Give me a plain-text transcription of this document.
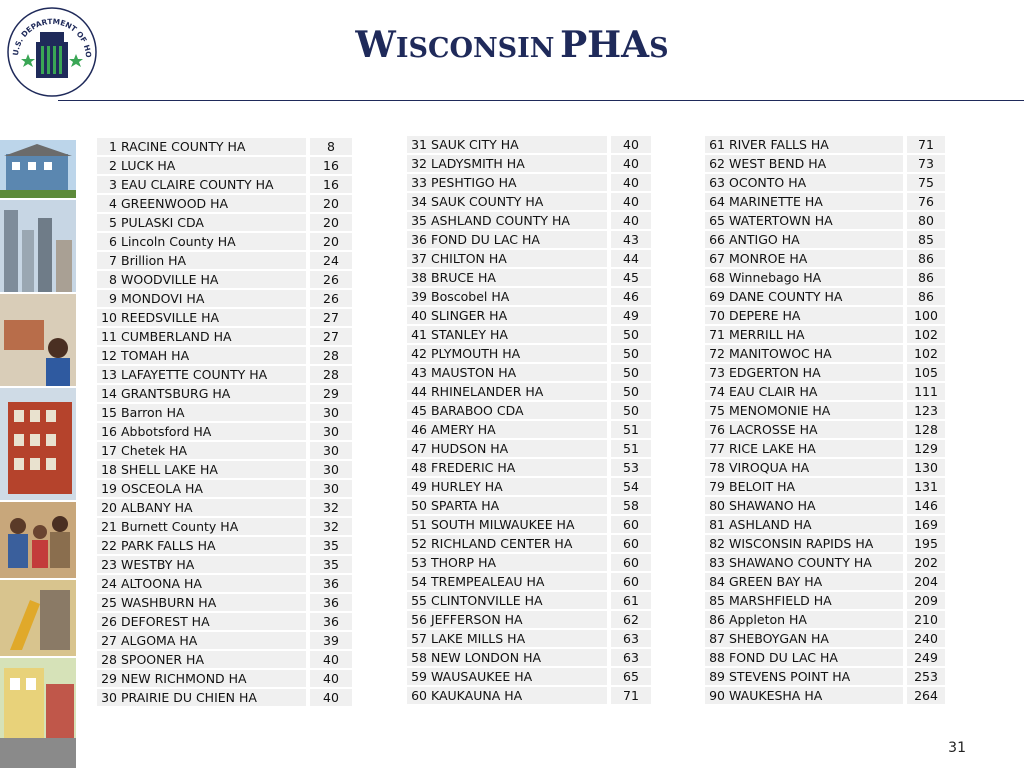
U.S. DEPARTMENT OF HO	WISCONSIN PHAS
1	RACINE COUNTY HA		8
2	LUCK HA		16
3	EAU CLAIRE COUNTY HA		16
4	GREENWOOD HA		20
5	PULASKI CDA		20
6	Lincoln County HA		20
7	Brillion HA		24
8	WOODVILLE HA		26
9	MONDOVI HA		26
10	REEDSVILLE HA		27
11	CUMBERLAND HA		27
12	TOMAH HA		28
13	LAFAYETTE COUNTY HA		28
14	GRANTSBURG HA		29
15	Barron HA		30
16	Abbotsford HA		30
17	Chetek HA		30
18	SHELL LAKE HA		30
19	OSCEOLA HA		30
20	ALBANY HA		32
21	Burnett County HA		32
22	PARK FALLS HA		35
23	WESTBY HA		35
24	ALTOONA HA		36
25	WASHBURN HA		36
26	DEFOREST HA		36
27	ALGOMA HA		39
28	SPOONER HA		40
29	NEW RICHMOND HA		40
30	PRAIRIE DU CHIEN HA		40
31	SAUK CITY HA		40
32	LADYSMITH HA		40
33	PESHTIGO HA		40
34	SAUK COUNTY HA		40
35	ASHLAND COUNTY HA		40
36	FOND DU LAC HA		43
37	CHILTON HA		44
38	BRUCE HA		45
39	Boscobel HA		46
40	SLINGER HA		49
41	STANLEY HA		50
42	PLYMOUTH HA		50
43	MAUSTON HA		50
44	RHINELANDER HA		50
45	BARABOO CDA		50
46	AMERY HA		51
47	HUDSON HA		51
48	FREDERIC HA		53
49	HURLEY HA		54
50	SPARTA HA		58
51	SOUTH MILWAUKEE HA		60
52	RICHLAND CENTER HA		60
53	THORP HA		60
54	TREMPEALEAU HA		60
55	CLINTONVILLE HA		61
56	JEFFERSON HA		62
57	LAKE MILLS HA		63
58	NEW LONDON HA		63
59	WAUSAUKEE HA		65
60	KAUKAUNA HA		71
61	RIVER FALLS HA		71
62	WEST BEND HA		73
63	OCONTO HA		75
64	MARINETTE HA		76
65	WATERTOWN HA		80
66	ANTIGO HA		85
67	MONROE HA		86
68	Winnebago HA		86
69	DANE COUNTY HA		86
70	DEPERE HA		100
71	MERRILL HA		102
72	MANITOWOC HA		102
73	EDGERTON HA		105
74	EAU CLAIR HA		111
75	MENOMONIE HA		123
76	LACROSSE HA		128
77	RICE LAKE HA		129
78	VIROQUA HA		130
79	BELOIT HA		131
80	SHAWANO HA		146
81	ASHLAND HA		169
82	WISCONSIN RAPIDS HA		195
83	SHAWANO COUNTY HA		202
84	GREEN BAY HA		204
85	MARSHFIELD HA		209
86	Appleton HA		210
87	SHEBOYGAN HA		240
88	FOND DU LAC HA		249
89	STEVENS POINT HA		253
90	WAUKESHA HA		264
31
